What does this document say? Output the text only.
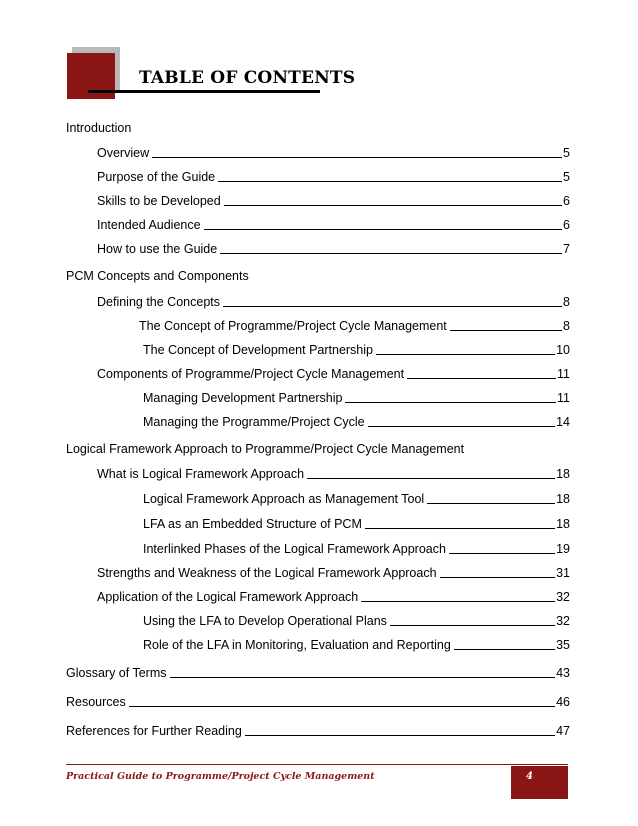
TABLE OF CONTENTS
Introduction
Overview	5
Purpose of the Guide	5
Skills to be Developed	6
Intended Audience	6
How to use the Guide	7
PCM Concepts and Components
Defining the Concepts	8
The Concept of Programme/Project Cycle Management	8
The Concept of Development Partnership	10
Components of Programme/Project Cycle Management	11
Managing Development Partnership	11
Managing the Programme/Project Cycle	14
Logical Framework Approach to Programme/Project Cycle Management
What is Logical Framework Approach	18
Logical Framework Approach as Management Tool	18
LFA as an Embedded Structure of PCM	18
Interlinked Phases of the Logical Framework Approach	19
Strengths and Weakness of the Logical Framework Approach	31
Application of the Logical Framework Approach	32
Using the LFA to Develop Operational Plans	32
Role of the LFA in Monitoring, Evaluation and Reporting	35
Glossary of Terms	43
Resources	46
References for Further Reading	47
Practical Guide to Programme/Project Cycle Management	4
